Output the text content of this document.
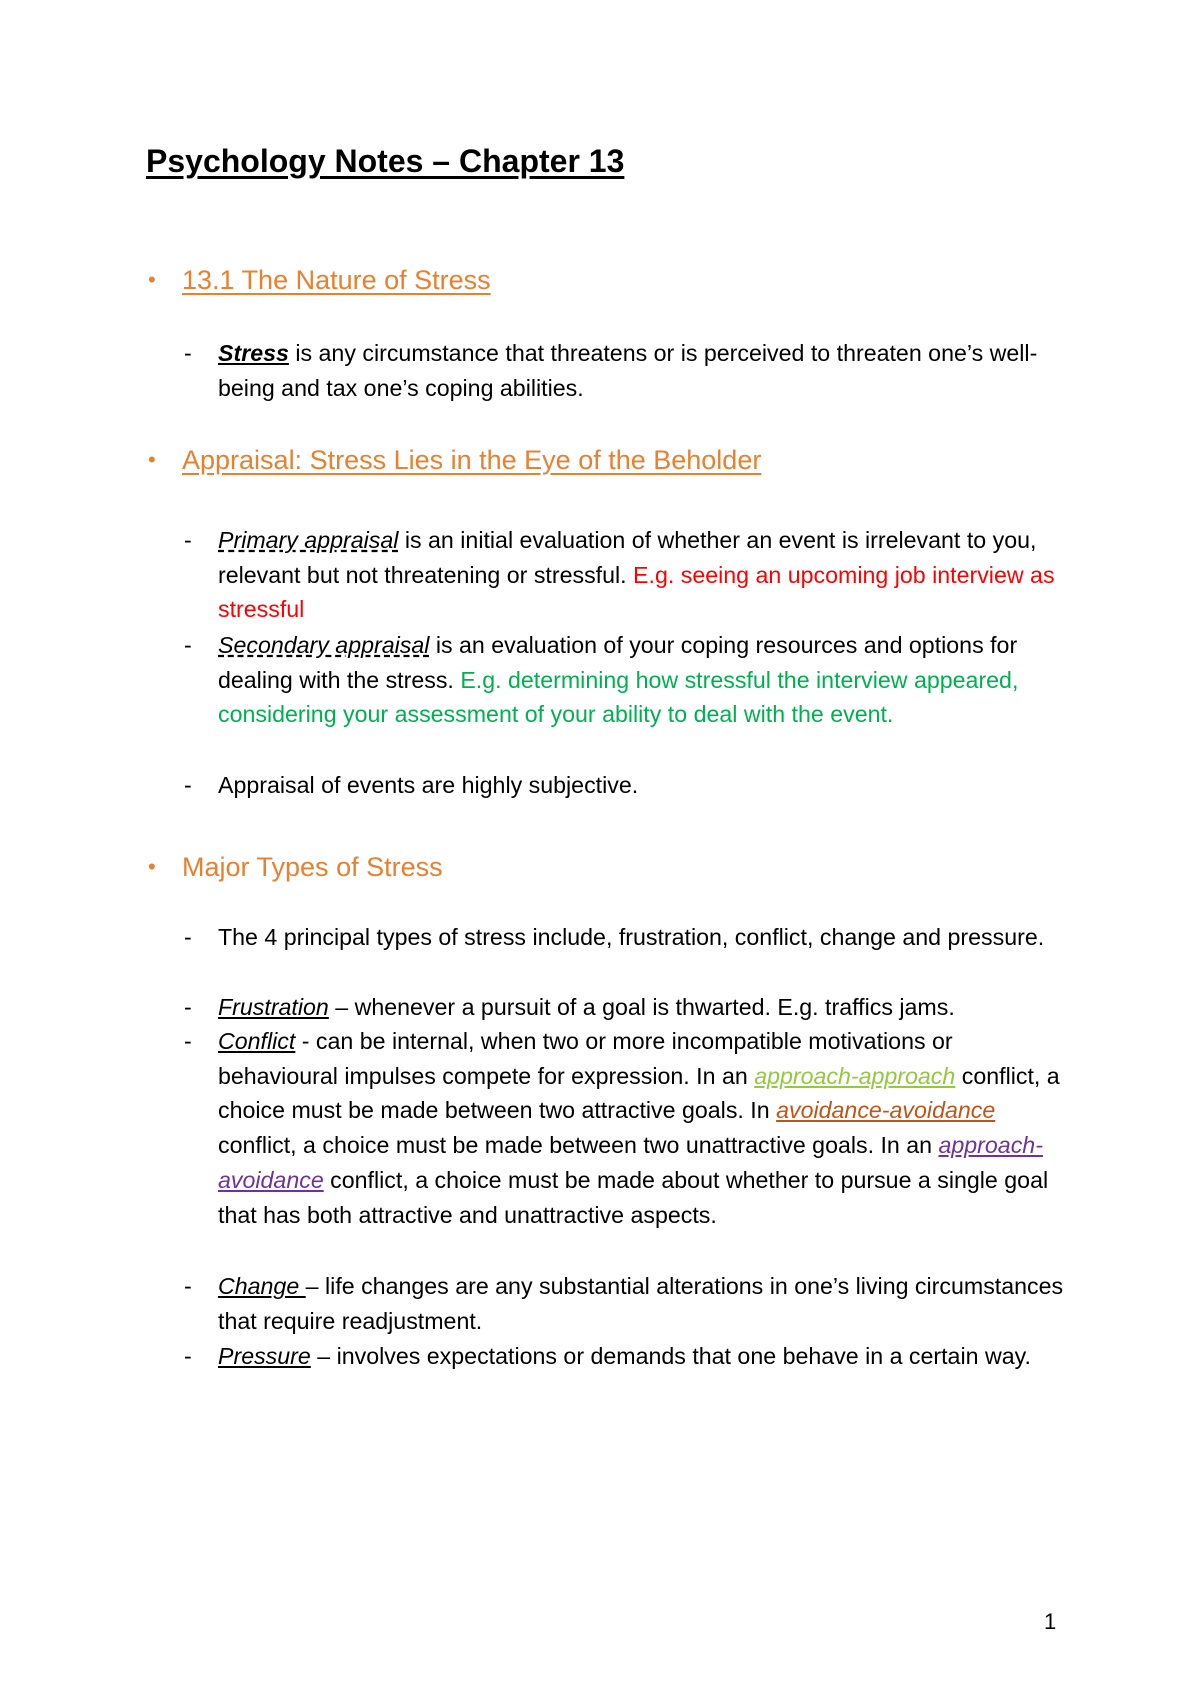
Psychology Notes – Chapter 13
• 13.1 The Nature of Stress
- Stress is any circumstance that threatens or is perceived to threaten one’s well-being and tax one’s coping abilities.
• Appraisal: Stress Lies in the Eye of the Beholder
- Primary appraisal is an initial evaluation of whether an event is irrelevant to you, relevant but not threatening or stressful. E.g. seeing an upcoming job interview as stressful
- Secondary appraisal is an evaluation of your coping resources and options for dealing with the stress. E.g. determining how stressful the interview appeared, considering your assessment of your ability to deal with the event.
- Appraisal of events are highly subjective.
• Major Types of Stress
- The 4 principal types of stress include, frustration, conflict, change and pressure.
- Frustration – whenever a pursuit of a goal is thwarted. E.g. traffics jams.
- Conflict - can be internal, when two or more incompatible motivations or behavioural impulses compete for expression. In an approach-approach conflict, a choice must be made between two attractive goals. In avoidance-avoidance conflict, a choice must be made between two unattractive goals. In an approach-avoidance conflict, a choice must be made about whether to pursue a single goal that has both attractive and unattractive aspects.
- Change – life changes are any substantial alterations in one’s living circumstances that require readjustment.
- Pressure – involves expectations or demands that one behave in a certain way.
1
